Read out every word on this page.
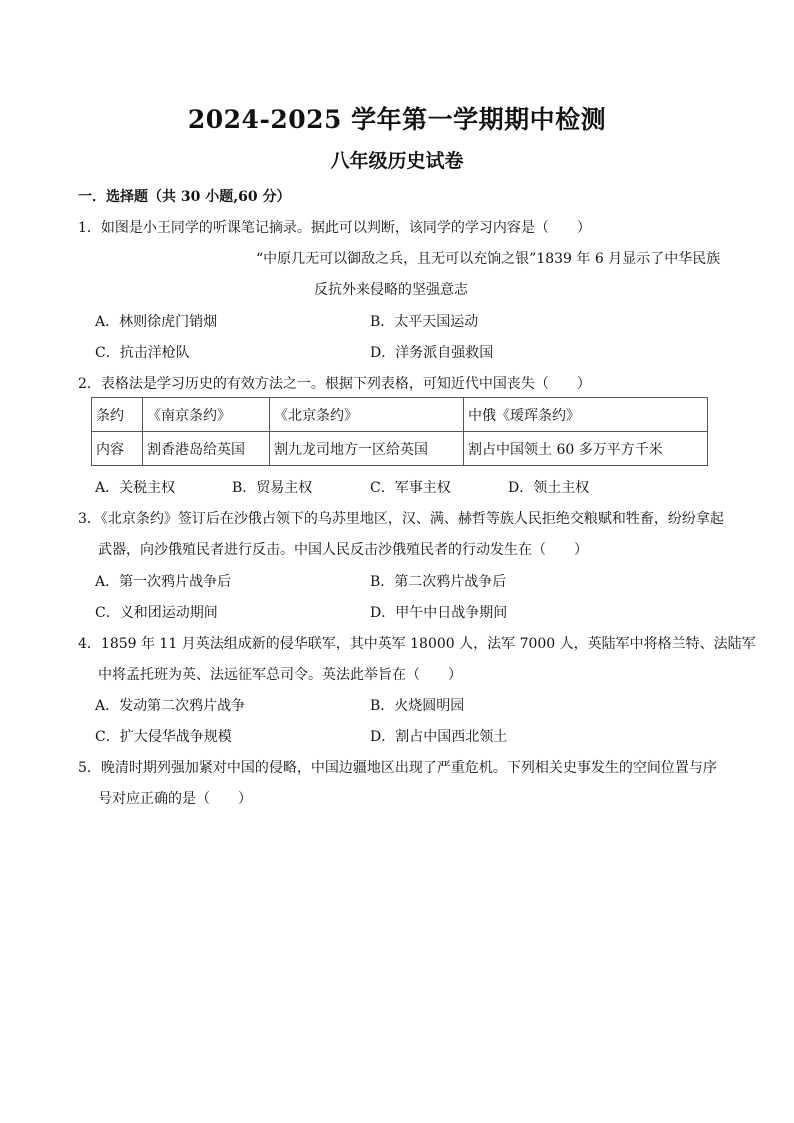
2024-2025 学年第一学期期中检测
八年级历史试卷
一．选择题（共 30 小题,60 分）
1．如图是小王同学的听课笔记摘录。据此可以判断，该同学的学习内容是（　　）
“中原几无可以御敌之兵，且无可以充饷之银”1839 年 6 月显示了中华民族
反抗外来侵略的坚强意志
A．林则徐虎门销烟	B．太平天国运动
C．抗击洋枪队	D．洋务派自强救国
2．表格法是学习历史的有效方法之一。根据下列表格，可知近代中国丧失（　　）
条约	《南京条约》	《北京条约》	中俄《瑷珲条约》
内容	割香港岛给英国	割九龙司地方一区给英国	割占中国领土 60 多万平方千米
A．关税主权	B．贸易主权	C．军事主权	D．领土主权
3．《北京条约》签订后在沙俄占领下的乌苏里地区，汉、满、赫哲等族人民拒绝交粮赋和牲畜，纷纷拿起
武器，向沙俄殖民者进行反击。中国人民反击沙俄殖民者的行动发生在（　　）
A．第一次鸦片战争后	B．第二次鸦片战争后
C．义和团运动期间	D．甲午中日战争期间
4．1859 年 11 月英法组成新的侵华联军，其中英军 18000 人，法军 7000 人，英陆军中将格兰特、法陆军
中将孟托班为英、法远征军总司令。英法此举旨在（　　）
A．发动第二次鸦片战争	B．火烧圆明园
C．扩大侵华战争规模	D．割占中国西北领土
5．晚清时期列强加紧对中国的侵略，中国边疆地区出现了严重危机。下列相关史事发生的空间位置与序
号对应正确的是（　　）
